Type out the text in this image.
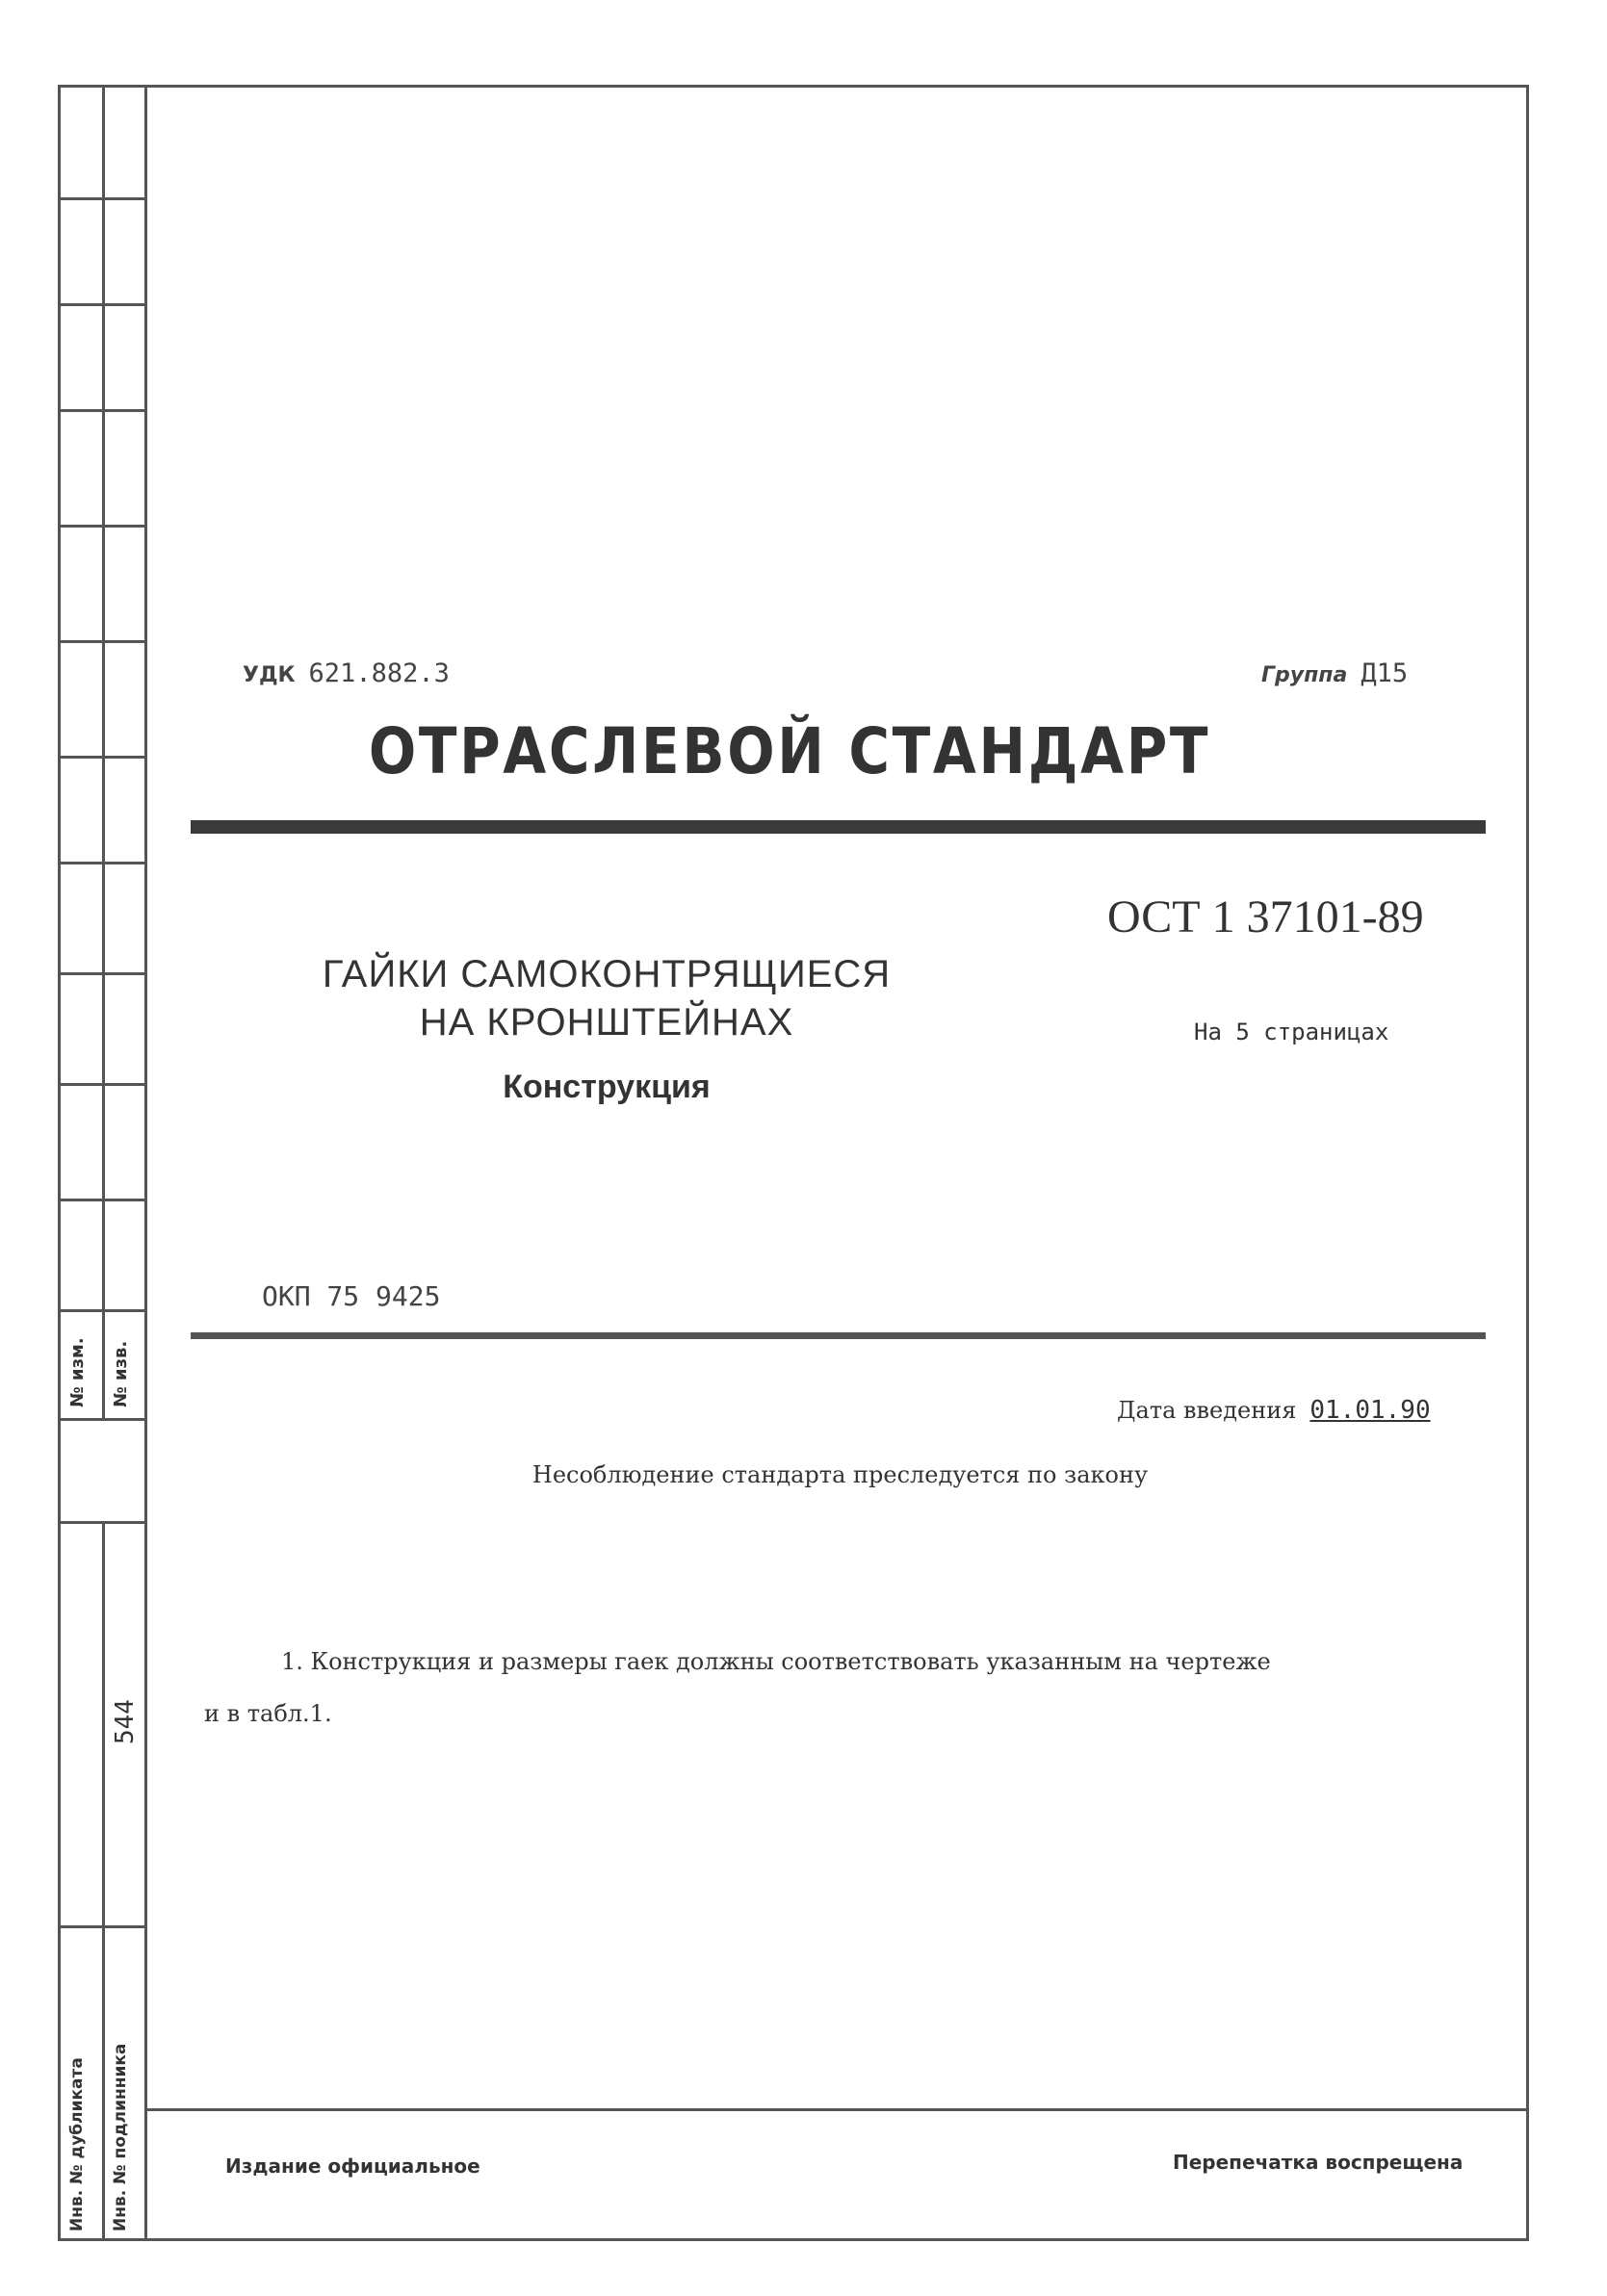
№ изм. № изв.
Инв. № дубликата Инв. № подлинника
544
УДК 621.882.3	Группа Д15
ОТРАСЛЕВОЙ СТАНДАРТ
ОСТ 1 37101-89
ГАЙКИ САМОКОНТРЯЩИЕСЯ
НА КРОНШТЕЙНАХ
Конструкция
На 5 страницах
ОКП 75 9425
Дата введения 01.01.90
Несоблюдение стандарта преследуется по закону
1. Конструкция и размеры гаек должны соответствовать указанным на чертеже
и в табл.1.
Издание официальное	Перепечатка воспрещена
